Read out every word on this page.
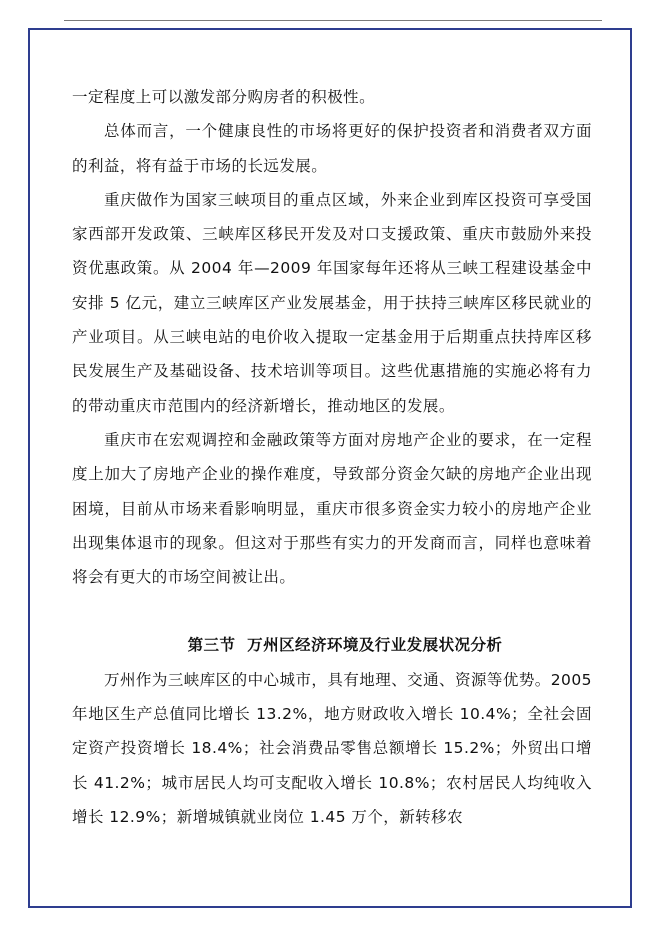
一定程度上可以激发部分购房者的积极性。

总体而言，一个健康良性的市场将更好的保护投资者和消费者双方面的利益，将有益于市场的长远发展。

重庆做作为国家三峡项目的重点区域，外来企业到库区投资可享受国家西部开发政策、三峡库区移民开发及对口支援政策、重庆市鼓励外来投资优惠政策。从 2004 年—2009 年国家每年还将从三峡工程建设基金中安排 5 亿元，建立三峡库区产业发展基金，用于扶持三峡库区移民就业的产业项目。从三峡电站的电价收入提取一定基金用于后期重点扶持库区移民发展生产及基础设备、技术培训等项目。这些优惠措施的实施必将有力的带动重庆市范围内的经济新增长，推动地区的发展。

重庆市在宏观调控和金融政策等方面对房地产企业的要求，在一定程度上加大了房地产企业的操作难度，导致部分资金欠缺的房地产企业出现困境，目前从市场来看影响明显，重庆市很多资金实力较小的房地产企业出现集体退市的现象。但这对于那些有实力的开发商而言，同样也意味着将会有更大的市场空间被让出。

第三节 万州区经济环境及行业发展状况分析

万州作为三峡库区的中心城市，具有地理、交通、资源等优势。2005 年地区生产总值同比增长 13.2%，地方财政收入增长 10.4%；全社会固定资产投资增长 18.4%；社会消费品零售总额增长 15.2%；外贸出口增长 41.2%；城市居民人均可支配收入增长 10.8%；农村居民人均纯收入增长 12.9%；新增城镇就业岗位 1.45 万个，新转移农
